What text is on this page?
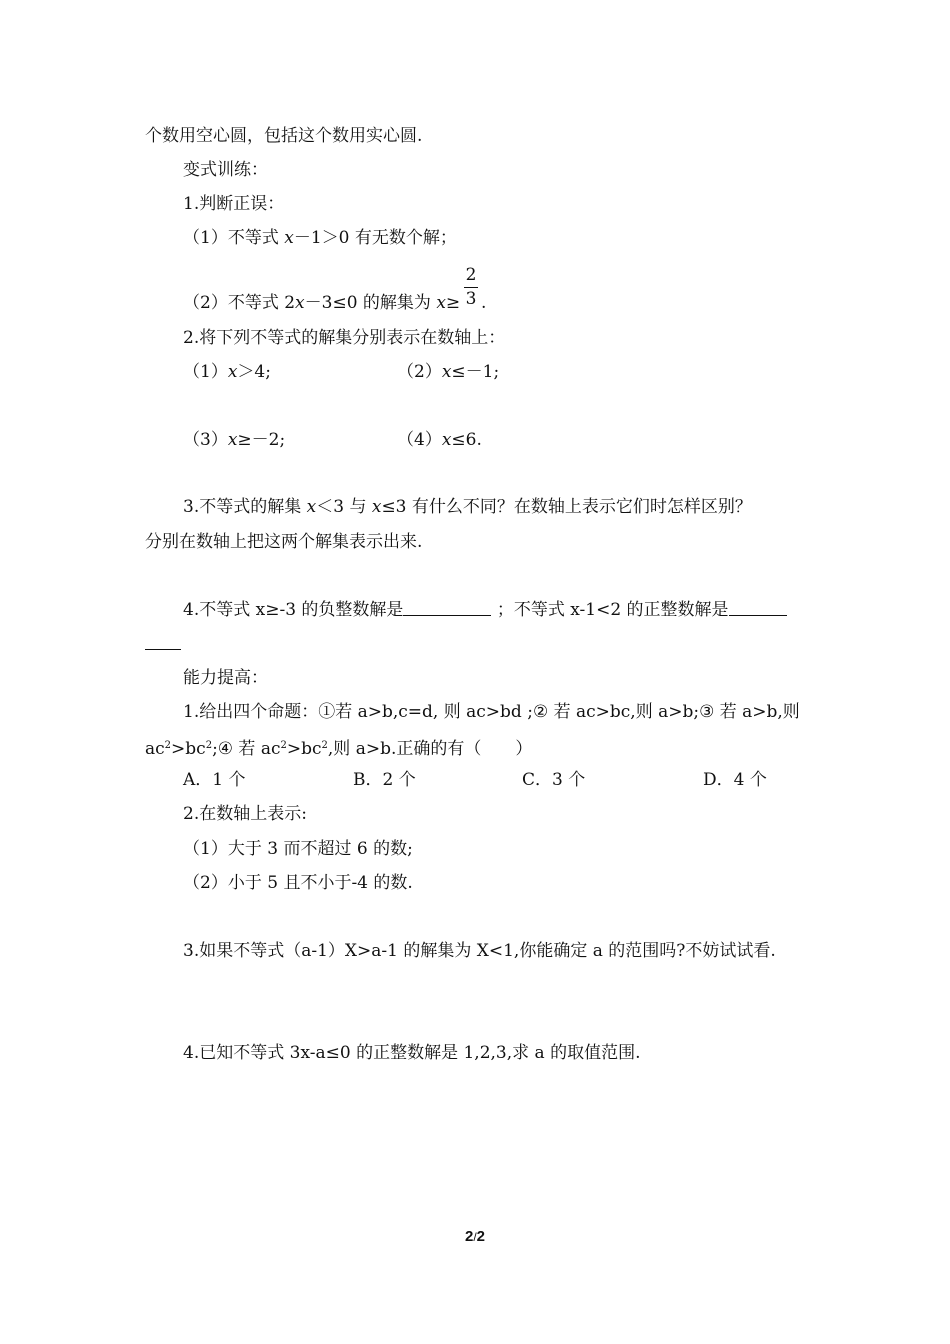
个数用空心圆，包括这个数用实心圆.
变式训练：
1.判断正误：
（1）不等式 x－1＞0 有无数个解；
（2）不等式 2x－3≤0 的解集为 x≥
2
3 .
2.将下列不等式的解集分别表示在数轴上：
（1）x＞4;	（2）x≤－1;
（3）x≥－2;	（4）x≤6.
3.不等式的解集 x＜3 与 x≤3 有什么不同？在数轴上表示它们时怎样区别？
分别在数轴上把这两个解集表示出来.
4.不等式 x≥-3 的负整数解是	；不等式 x-1<2 的正整数解是
能力提高：
1.给出四个命题：①若 a>b,c=d, 则 ac>bd ;② 若 ac>bc,则 a>b;③ 若 a>b,则
$ac^2>bc^2;④$ 若 $ac^2>bc^2$,则 a>b.正确的有（　　）
A．1 个	B．2 个	C．3 个	D．4 个
2.在数轴上表示:
（1）大于 3 而不超过 6 的数;
（2）小于 5 且不小于-4 的数.
3.如果不等式（a-1）X>a-1 的解集为 X<1,你能确定 a 的范围吗?不妨试试看.
4.已知不等式 3x-a≤0 的正整数解是 1,2,3,求 a 的取值范围.
2/2
